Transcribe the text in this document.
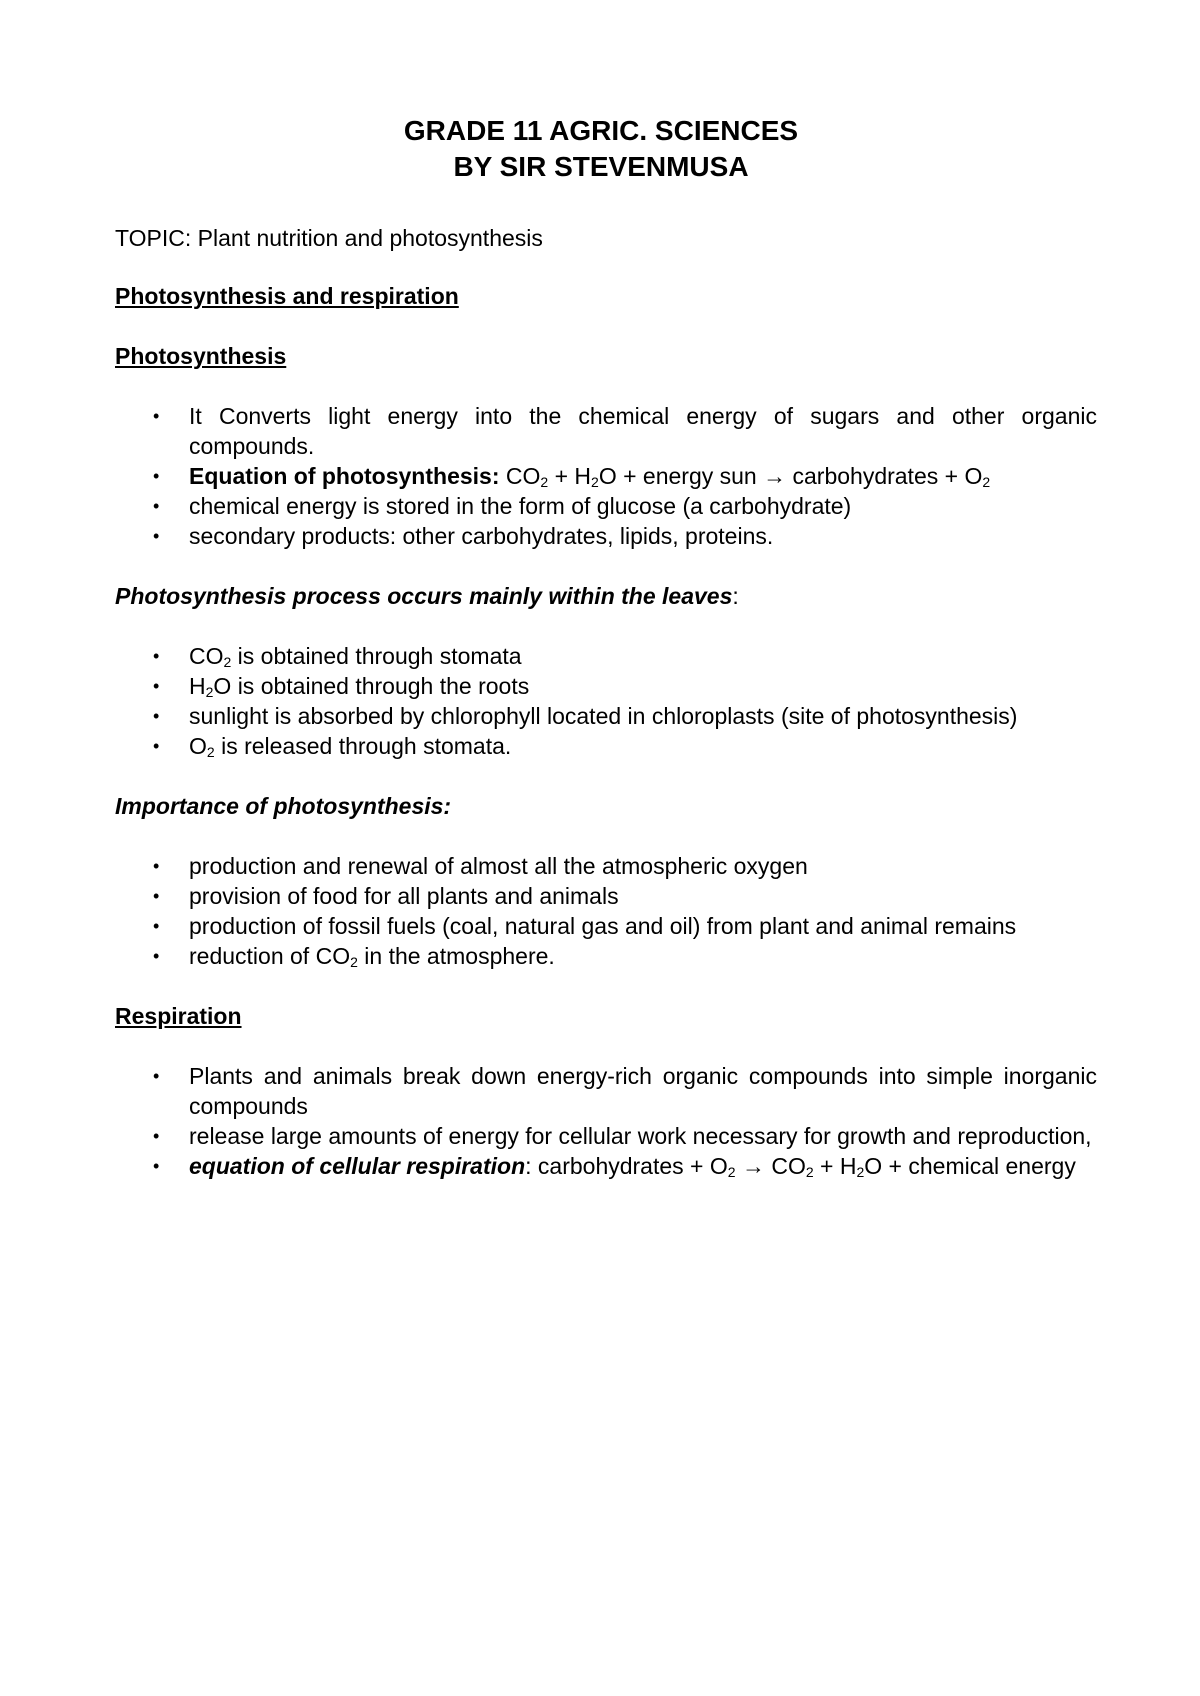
GRADE 11 AGRIC. SCIENCES
BY SIR STEVENMUSA

TOPIC: Plant nutrition and photosynthesis

Photosynthesis and respiration

Photosynthesis

• It Converts light energy into the chemical energy of sugars and other organic compounds.
• Equation of photosynthesis: $CO_2 + H_2O$ + energy sun → carbohydrates + $O_2$
• chemical energy is stored in the form of glucose (a carbohydrate)
• secondary products: other carbohydrates, lipids, proteins.

Photosynthesis process occurs mainly within the leaves:

• $CO_2$ is obtained through stomata
• $H_2O$ is obtained through the roots
• sunlight is absorbed by chlorophyll located in chloroplasts (site of photosynthesis)
• $O_2$ is released through stomata.

Importance of photosynthesis:

• production and renewal of almost all the atmospheric oxygen
• provision of food for all plants and animals
• production of fossil fuels (coal, natural gas and oil) from plant and animal remains
• reduction of $CO_2$ in the atmosphere.

Respiration

• Plants and animals break down energy-rich organic compounds into simple inorganic compounds
• release large amounts of energy for cellular work necessary for growth and reproduction,
• equation of cellular respiration: carbohydrates + $O_2 \to CO_2 + H_2O$ + chemical energy
